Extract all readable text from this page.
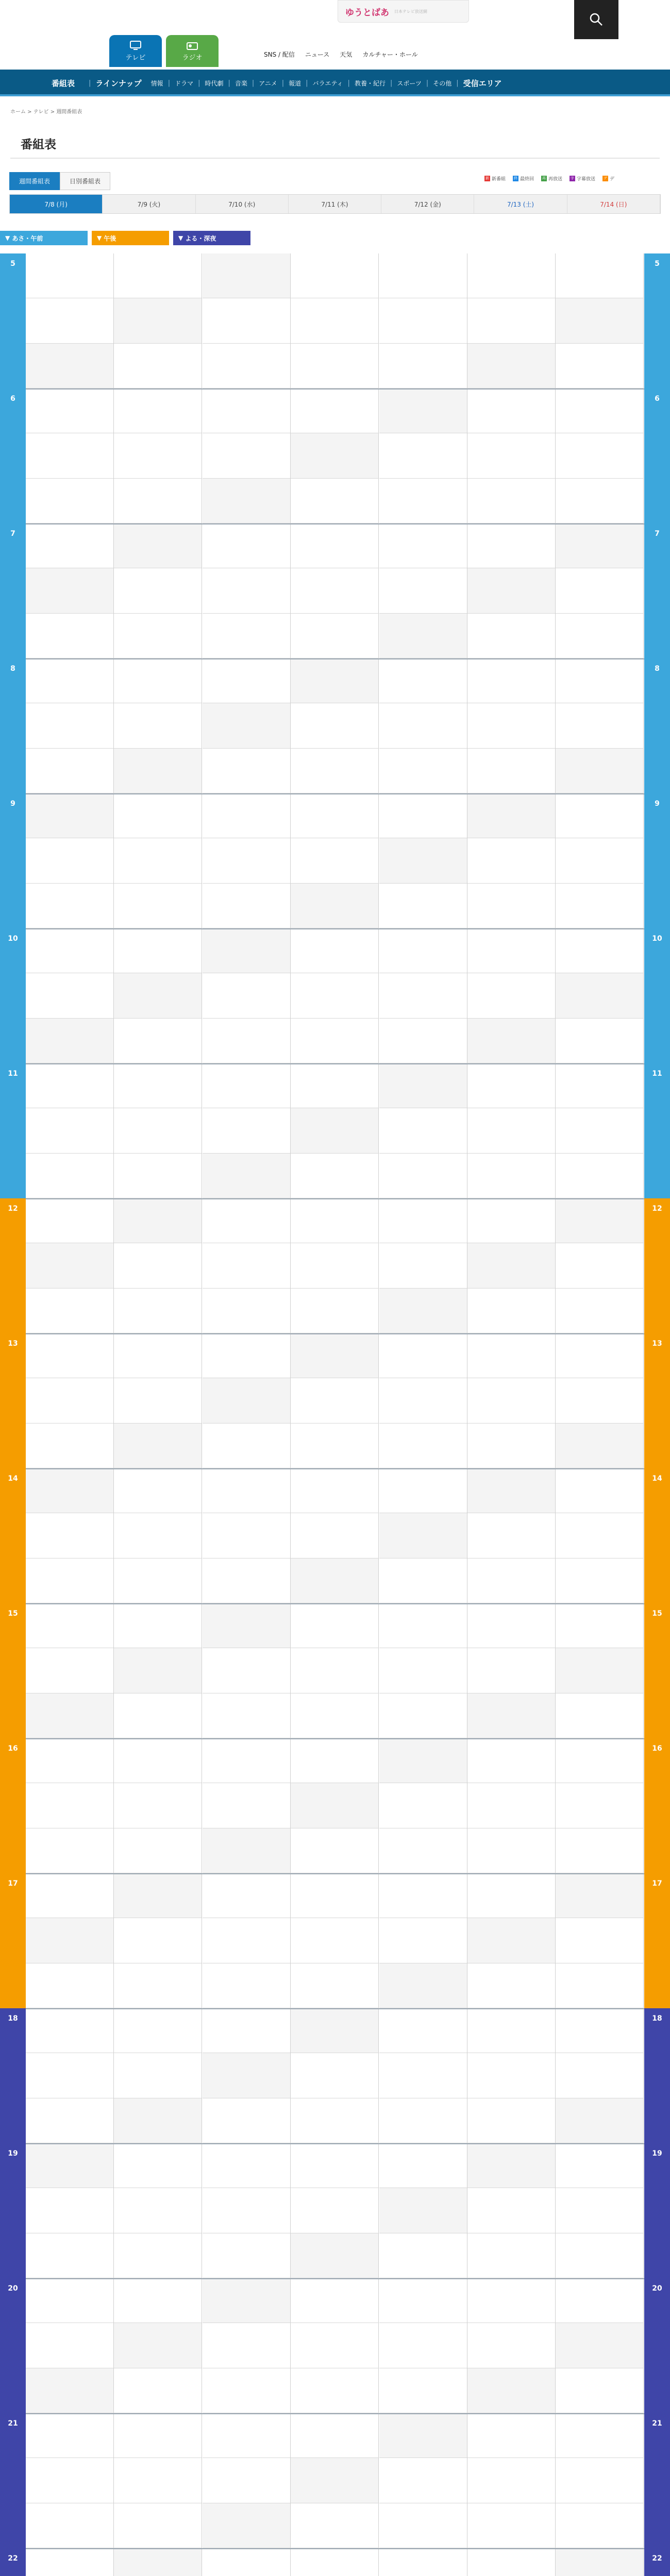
ゆうとばあ 日本テレビ放送網
テレビ	ラジオ	SNS / 配信 ニュース 天気 カルチャー・ホール
番組表 | ラインナップ 情報 | ドラマ | 時代劇 | 音楽 | アニメ | 報道 | バラエティ | 教養・紀行 | スポーツ | その他 | 受信エリア
ホーム > テレビ > 週間番組表
番組表
週間番組表	日別番組表	新 新番組 終 最終回 再 再放送 字 字幕放送 デ デ
7/8 (月)	7/9 (火)	7/10 (水)	7/11 (木)	7/12 (金)	7/13 (土)	7/14 (日)
▼ あさ・午前	▼ 午後	▼ よる・深夜
5
6
7
8
9
10
11
12
13
14
15
16
17
18
19
20
21
22
5
6
7
8
9
10
11
12
13
14
15
16
17
18
19
20
21
22
